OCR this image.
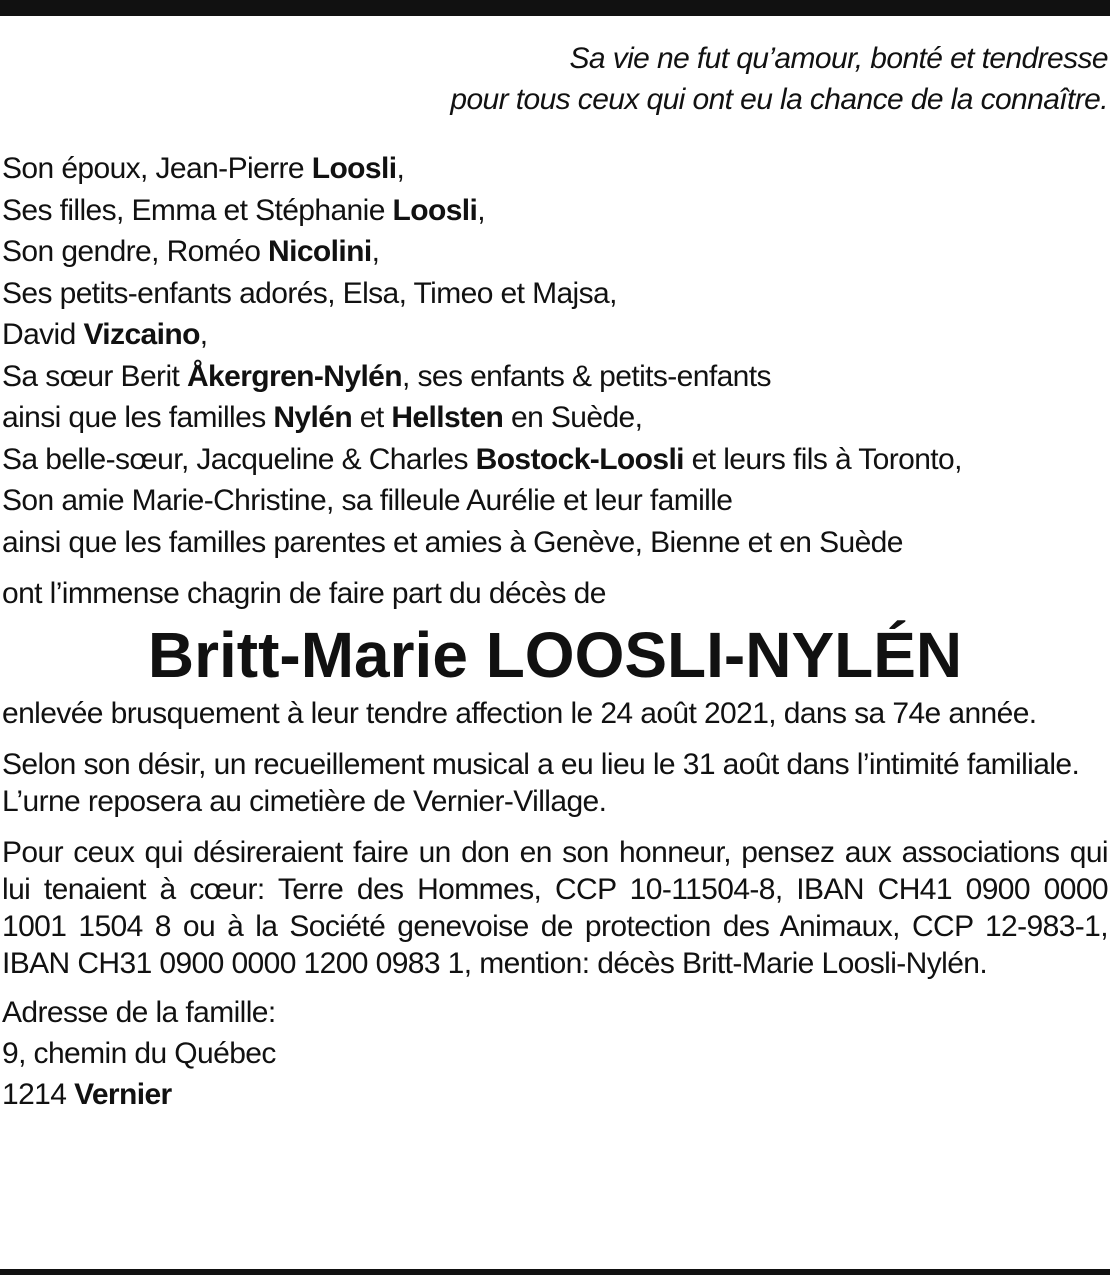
Sa vie ne fut qu’amour, bonté et tendresse
pour tous ceux qui ont eu la chance de la connaître.
Son époux, Jean-Pierre Loosli,
Ses filles, Emma et Stéphanie Loosli,
Son gendre, Roméo Nicolini,
Ses petits-enfants adorés, Elsa, Timeo et Majsa,
David Vizcaino,
Sa sœur Berit Åkergren-Nylén, ses enfants & petits-enfants
ainsi que les familles Nylén et Hellsten en Suède,
Sa belle-sœur, Jacqueline & Charles Bostock-Loosli et leurs fils à Toronto,
Son amie Marie-Christine, sa filleule Aurélie et leur famille
ainsi que les familles parentes et amies à Genève, Bienne et en Suède
ont l’immense chagrin de faire part du décès de
Britt-Marie LOOSLI-NYLÉN
enlevée brusquement à leur tendre affection le 24 août 2021, dans sa 74e année.
Selon son désir, un recueillement musical a eu lieu le 31 août dans l’intimité familiale. L’urne reposera au cimetière de Vernier-Village.
Pour ceux qui désireraient faire un don en son honneur, pensez aux associations qui lui tenaient à cœur: Terre des Hommes, CCP 10-11504-8, IBAN CH41 0900 0000 1001 1504 8 ou à la Société genevoise de protection des Animaux, CCP 12-983-1, IBAN CH31 0900 0000 1200 0983 1, mention: décès Britt-Marie Loosli-Nylén.
Adresse de la famille:
9, chemin du Québec
1214 Vernier
